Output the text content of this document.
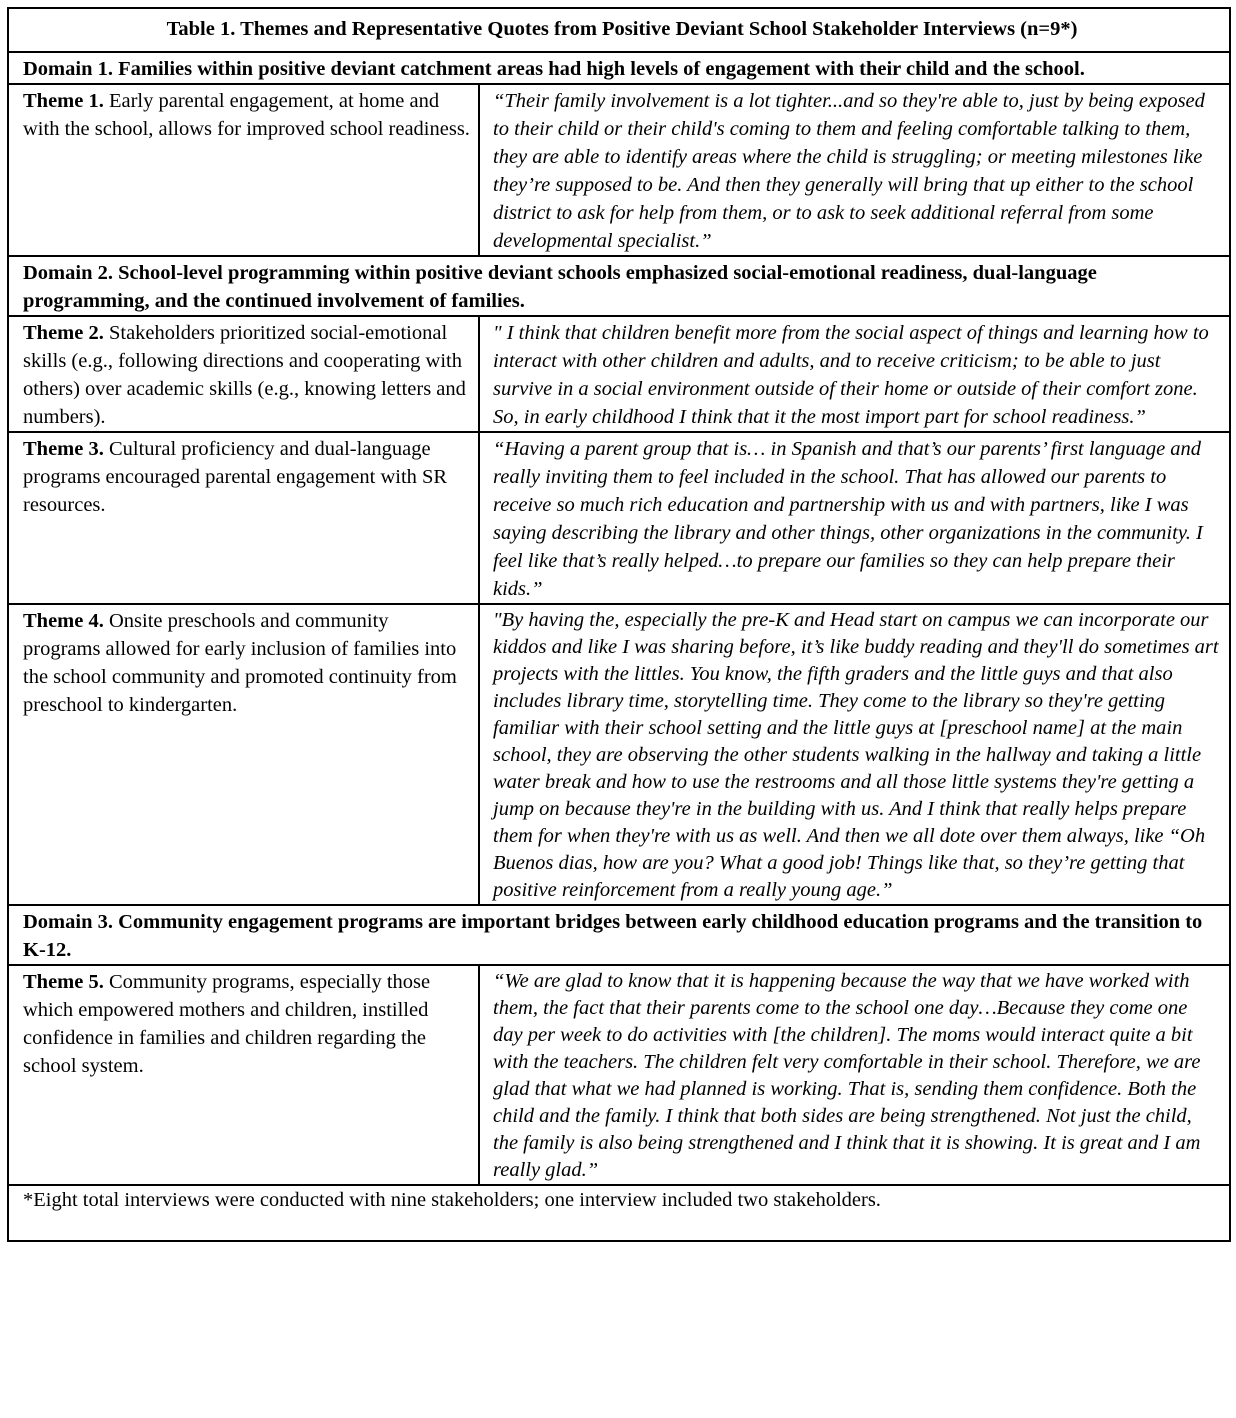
Table 1. Themes and Representative Quotes from Positive Deviant School Stakeholder Interviews (n=9*)	
Domain 1. Families within positive deviant catchment areas had high levels of engagement with their child and the school.	
Theme 1. Early parental engagement, at home and with the school, allows for improved school readiness.	“Their family involvement is a lot tighter...and so they're able to, just by being exposed to their child or their child's coming to them and feeling comfortable talking to them, they are able to identify areas where the child is struggling; or meeting milestones like they’re supposed to be. And then they generally will bring that up either to the school district to ask for help from them, or to ask to seek additional referral from some developmental specialist.”
Domain 2. School-level programming within positive deviant schools emphasized social-emotional readiness, dual-language programming, and the continued involvement of families.	
Theme 2. Stakeholders prioritized social-emotional skills (e.g., following directions and cooperating with others) over academic skills (e.g., knowing letters and numbers).	" I think that children benefit more from the social aspect of things and learning how to interact with other children and adults, and to receive criticism; to be able to just survive in a social environment outside of their home or outside of their comfort zone. So, in early childhood I think that it the most import part for school readiness.”
Theme 3. Cultural proficiency and dual-language programs encouraged parental engagement with SR resources.	“Having a parent group that is… in Spanish and that’s our parents’ first language and really inviting them to feel included in the school. That has allowed our parents to receive so much rich education and partnership with us and with partners, like I was saying describing the library and other things, other organizations in the community. I feel like that’s really helped…to prepare our families so they can help prepare their kids.”
Theme 4. Onsite preschools and community programs allowed for early inclusion of families into the school community and promoted continuity from preschool to kindergarten.	"By having the, especially the pre-K and Head start on campus we can incorporate our kiddos and like I was sharing before, it’s like buddy reading and they'll do sometimes art projects with the littles. You know, the fifth graders and the little guys and that also includes library time, storytelling time. They come to the library so they're getting familiar with their school setting and the little guys at [preschool name] at the main school, they are observing the other students walking in the hallway and taking a little water break and how to use the restrooms and all those little systems they're getting a jump on because they're in the building with us. And I think that really helps prepare them for when they're with us as well. And then we all dote over them always, like “Oh Buenos dias, how are you? What a good job! Things like that, so they’re getting that positive reinforcement from a really young age.”
Domain 3. Community engagement programs are important bridges between early childhood education programs and the transition to K-12.	
Theme 5. Community programs, especially those which empowered mothers and children, instilled confidence in families and children regarding the school system.	“We are glad to know that it is happening because the way that we have worked with them, the fact that their parents come to the school one day…Because they come one day per week to do activities with [the children]. The moms would interact quite a bit with the teachers. The children felt very comfortable in their school. Therefore, we are glad that what we had planned is working. That is, sending them confidence. Both the child and the family. I think that both sides are being strengthened. Not just the child, the family is also being strengthened and I think that it is showing. It is great and I am really glad.”
*Eight total interviews were conducted with nine stakeholders; one interview included two stakeholders.	
